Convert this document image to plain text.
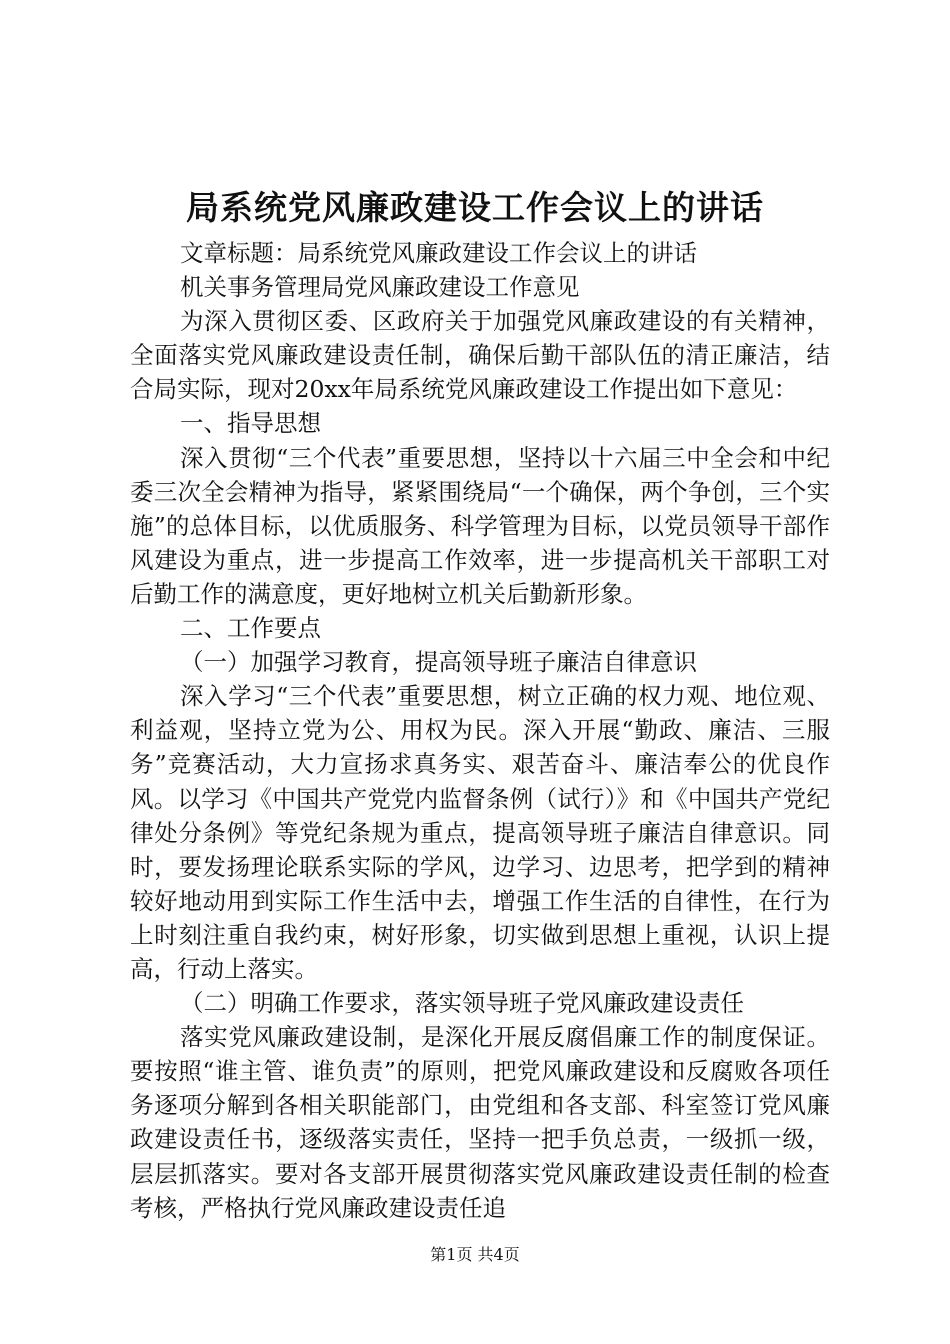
局系统党风廉政建设工作会议上的讲话

文章标题：局系统党风廉政建设工作会议上的讲话

机关事务管理局党风廉政建设工作意见

为深入贯彻区委、区政府关于加强党风廉政建设的有关精神，全面落实党风廉政建设责任制，确保后勤干部队伍的清正廉洁，结合局实际，现对20xx年局系统党风廉政建设工作提出如下意见：

一、指导思想

深入贯彻“三个代表”重要思想，坚持以十六届三中全会和中纪委三次全会精神为指导，紧紧围绕局“一个确保，两个争创，三个实施”的总体目标，以优质服务、科学管理为目标，以党员领导干部作风建设为重点，进一步提高工作效率，进一步提高机关干部职工对后勤工作的满意度，更好地树立机关后勤新形象。

二、工作要点

（一）加强学习教育，提高领导班子廉洁自律意识

深入学习“三个代表”重要思想，树立正确的权力观、地位观、利益观，坚持立党为公、用权为民。深入开展“勤政、廉洁、三服务”竞赛活动，大力宣扬求真务实、艰苦奋斗、廉洁奉公的优良作风。以学习《中国共产党党内监督条例（试行）》和《中国共产党纪律处分条例》等党纪条规为重点，提高领导班子廉洁自律意识。同时，要发扬理论联系实际的学风，边学习、边思考，把学到的精神较好地动用到实际工作生活中去，增强工作生活的自律性，在行为上时刻注重自我约束，树好形象，切实做到思想上重视，认识上提高，行动上落实。

（二）明确工作要求，落实领导班子党风廉政建设责任

落实党风廉政建设制，是深化开展反腐倡廉工作的制度保证。要按照“谁主管、谁负责”的原则，把党风廉政建设和反腐败各项任务逐项分解到各相关职能部门，由党组和各支部、科室签订党风廉政建设责任书，逐级落实责任，坚持一把手负总责，一级抓一级，层层抓落实。要对各支部开展贯彻落实党风廉政建设责任制的检查考核，严格执行党风廉政建设责任追

第1页 共4页
